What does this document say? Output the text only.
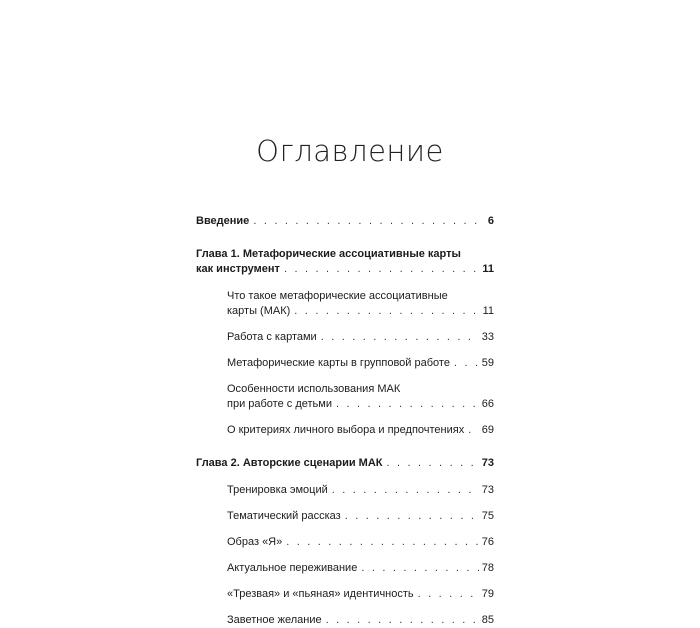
Оглавление
Введение . . .	6
Глава 1. Метафорические ассоциативные карты
как инструмент . . .	11
Что такое метафорические ассоциативные
карты (МАК) . . .	11
Работа с картами . . .	33
Метафорические карты в групповой работе . . .	59
Особенности использования МАК
при работе с детьми . . .	66
О критериях личного выбора и предпочтениях . . . 69
Глава 2. Авторские сценарии МАК . . .	73
Тренировка эмоций . . .	73
Тематический рассказ . . .	75
Образ «Я» . . .	76
Актуальное переживание . . .	78
«Трезвая» и «пьяная» идентичность . . .	79
Заветное желание . . .	85
